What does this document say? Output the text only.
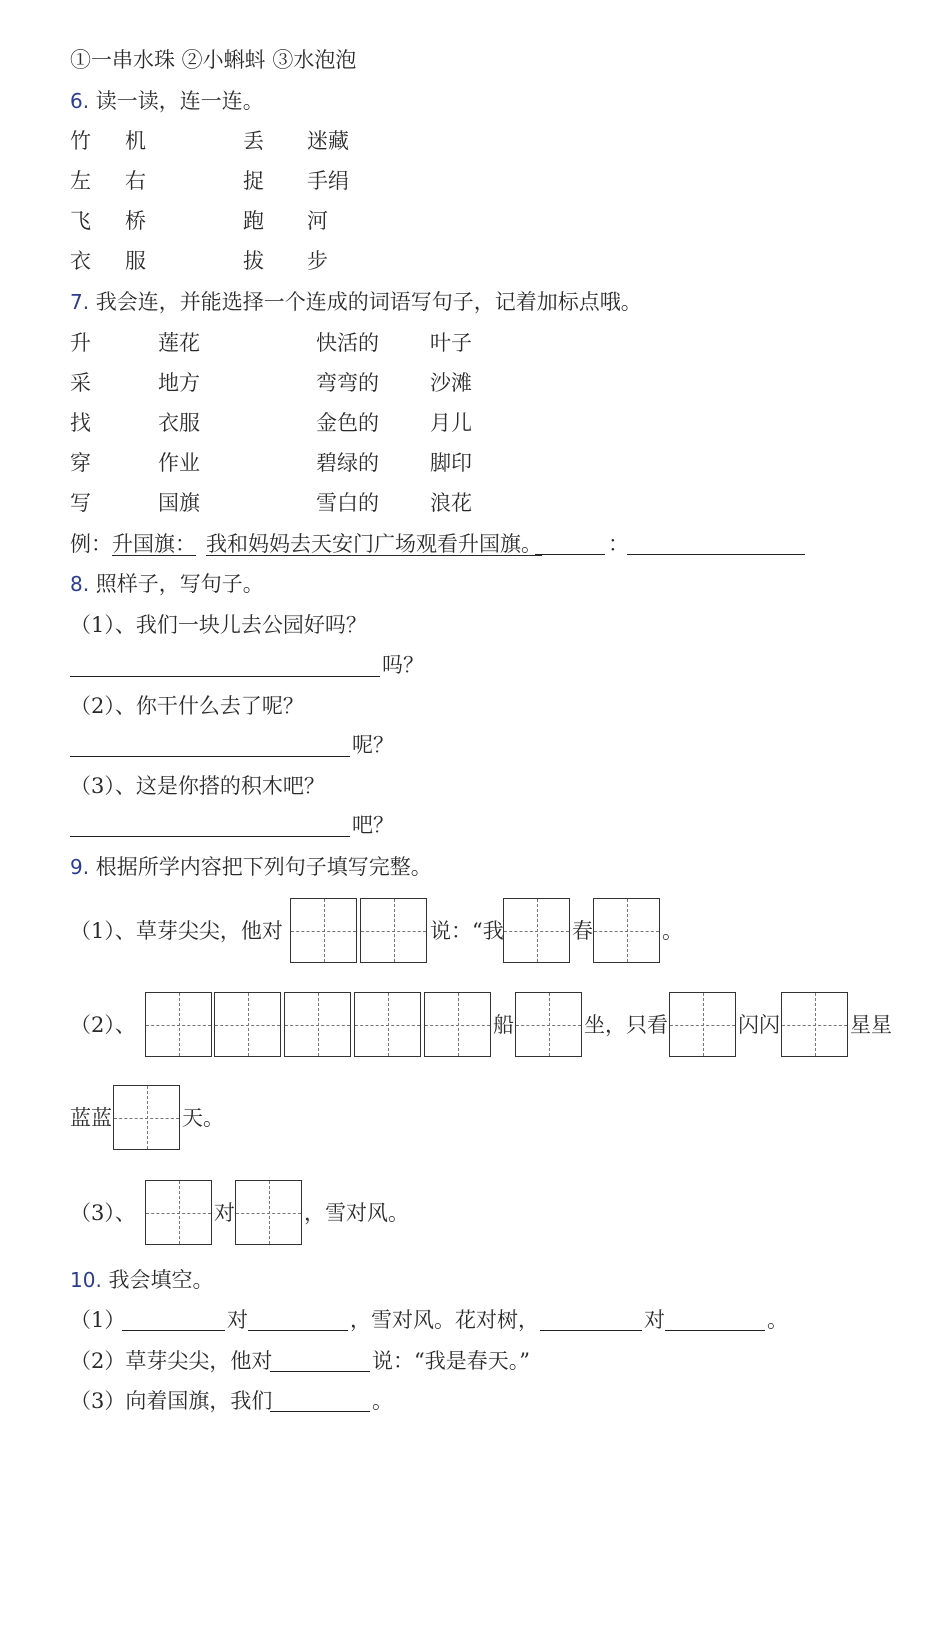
①一串水珠 ②小蝌蚪 ③水泡泡
6. 读一读，连一连。
竹 机	丢 迷藏
左 右	捉 手绢
飞 桥	跑 河
衣 服	拔 步
7. 我会连，并能选择一个连成的词语写句子，记着加标点哦。
升	莲花	快活的 叶子
采	地方	弯弯的 沙滩
找	衣服	金色的 月儿
穿	作业	碧绿的 脚印
写	国旗	雪白的 浪花
例：升国旗： 我和妈妈去天安门广场观看升国旗。	：
8. 照样子，写句子。
（1）、我们一块儿去公园好吗？
吗？
（2）、你干什么去了呢？
呢？
（3）、这是你搭的积木吧？
吧？
9. 根据所学内容把下列句子填写完整。
（1）、草芽尖尖，他对	说：“我	春	。
（2）、	船	坐，只看	闪闪	星星
蓝蓝	天。
（3）、	对	，雪对风。
10. 我会填空。
（1）	对	，雪对风。花对树，	对	。
（2）草芽尖尖，他对	说：“我是春天。”
（3）向着国旗，我们	。
